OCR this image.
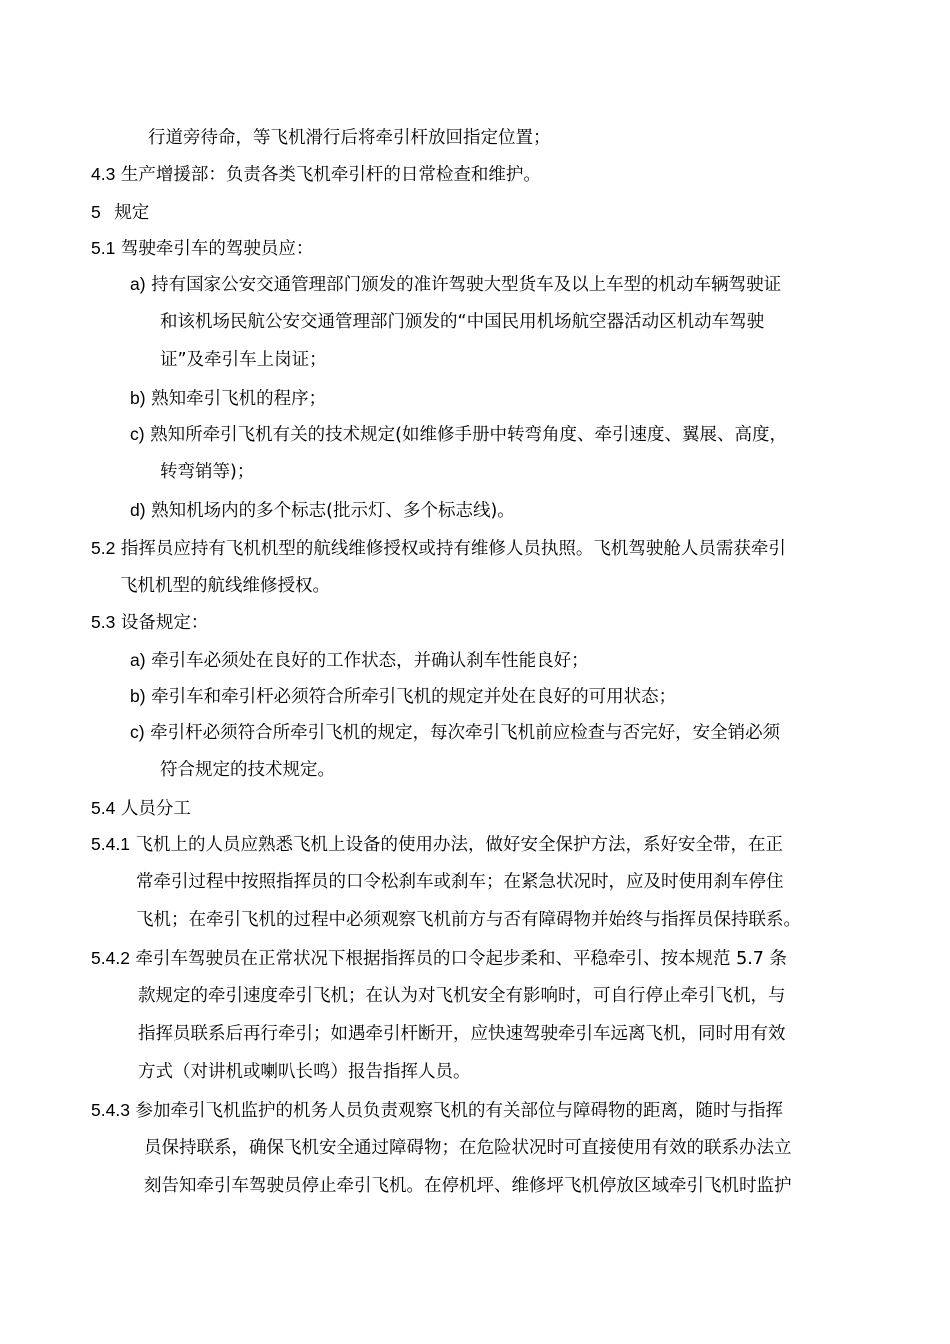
行道旁待命，等飞机滑行后将牵引杆放回指定位置；
4.3 生产增援部：负责各类飞机牵引杆的日常检查和维护。
5 规定
5.1 驾驶牵引车的驾驶员应：
a) 持有国家公安交通管理部门颁发的准许驾驶大型货车及以上车型的机动车辆驾驶证
和该机场民航公安交通管理部门颁发的“中国民用机场航空器活动区机动车驾驶
证”及牵引车上岗证；
b) 熟知牵引飞机的程序；
c) 熟知所牵引飞机有关的技术规定(如维修手册中转弯角度、牵引速度、翼展、高度，
转弯销等)；
d) 熟知机场内的多个标志(批示灯、多个标志线)。
5.2 指挥员应持有飞机机型的航线维修授权或持有维修人员执照。飞机驾驶舱人员需获牵引
飞机机型的航线维修授权。
5.3 设备规定：
a) 牵引车必须处在良好的工作状态，并确认刹车性能良好；
b) 牵引车和牵引杆必须符合所牵引飞机的规定并处在良好的可用状态；
c) 牵引杆必须符合所牵引飞机的规定，每次牵引飞机前应检查与否完好，安全销必须
符合规定的技术规定。
5.4 人员分工
5.4.1 飞机上的人员应熟悉飞机上设备的使用办法，做好安全保护方法，系好安全带，在正
常牵引过程中按照指挥员的口令松刹车或刹车；在紧急状况时，应及时使用刹车停住
飞机；在牵引飞机的过程中必须观察飞机前方与否有障碍物并始终与指挥员保持联系。
5.4.2 牵引车驾驶员在正常状况下根据指挥员的口令起步柔和、平稳牵引、按本规范 5.7 条
款规定的牵引速度牵引飞机；在认为对飞机安全有影响时，可自行停止牵引飞机，与
指挥员联系后再行牵引；如遇牵引杆断开，应快速驾驶牵引车远离飞机，同时用有效
方式（对讲机或喇叭长鸣）报告指挥人员。
5.4.3 参加牵引飞机监护的机务人员负责观察飞机的有关部位与障碍物的距离，随时与指挥
员保持联系，确保飞机安全通过障碍物；在危险状况时可直接使用有效的联系办法立
刻告知牵引车驾驶员停止牵引飞机。在停机坪、维修坪飞机停放区域牵引飞机时监护
